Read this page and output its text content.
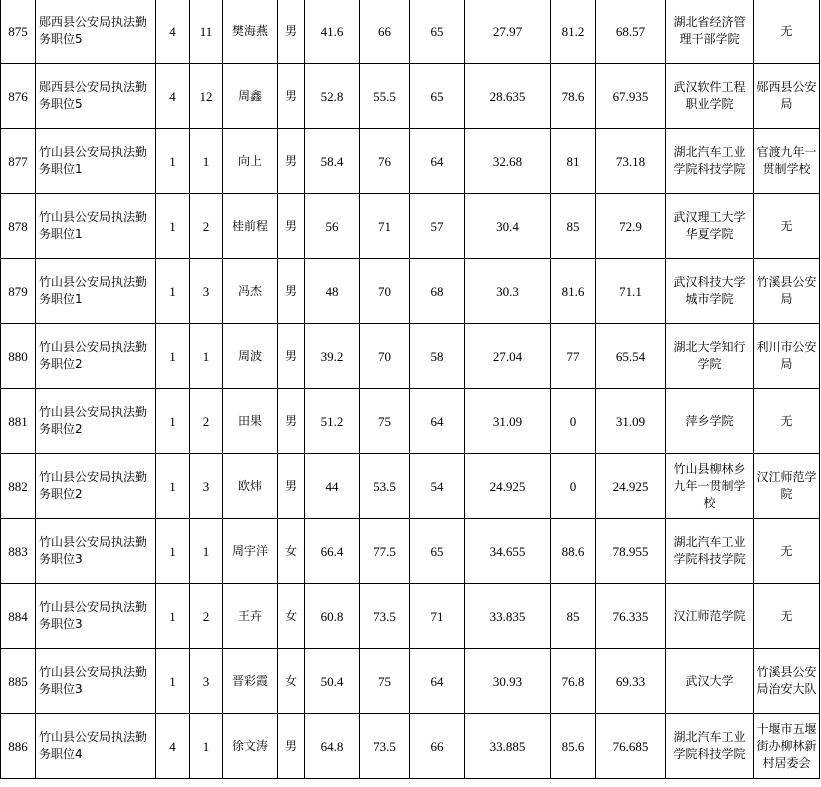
875	郧西县公安局执法勤务职位5	4	11	樊海燕	男	41.6	66	65	27.97	81.2	68.57	湖北省经济管理干部学院	无
876	郧西县公安局执法勤务职位5	4	12	周鑫	男	52.8	55.5	65	28.635	78.6	67.935	武汉软件工程职业学院	郧西县公安局
877	竹山县公安局执法勤务职位1	1	1	向上	男	58.4	76	64	32.68	81	73.18	湖北汽车工业学院科技学院	官渡九年一贯制学校
878	竹山县公安局执法勤务职位1	1	2	桂前程	男	56	71	57	30.4	85	72.9	武汉理工大学华夏学院	无
879	竹山县公安局执法勤务职位1	1	3	冯杰	男	48	70	68	30.3	81.6	71.1	武汉科技大学城市学院	竹溪县公安局
880	竹山县公安局执法勤务职位2	1	1	周波	男	39.2	70	58	27.04	77	65.54	湖北大学知行学院	利川市公安局
881	竹山县公安局执法勤务职位2	1	2	田果	男	51.2	75	64	31.09	0	31.09	萍乡学院	无
882	竹山县公安局执法勤务职位2	1	3	欧炜	男	44	53.5	54	24.925	0	24.925	竹山县柳林乡九年一贯制学校	汉江师范学院
883	竹山县公安局执法勤务职位3	1	1	周宇洋	女	66.4	77.5	65	34.655	88.6	78.955	湖北汽车工业学院科技学院	无
884	竹山县公安局执法勤务职位3	1	2	王卉	女	60.8	73.5	71	33.835	85	76.335	汉江师范学院	无
885	竹山县公安局执法勤务职位3	1	3	晋彩霞	女	50.4	75	64	30.93	76.8	69.33	武汉大学	竹溪县公安局治安大队
886	竹山县公安局执法勤务职位4	4	1	徐文涛	男	64.8	73.5	66	33.885	85.6	76.685	湖北汽车工业学院科技学院	十堰市五堰街办柳林新村居委会
